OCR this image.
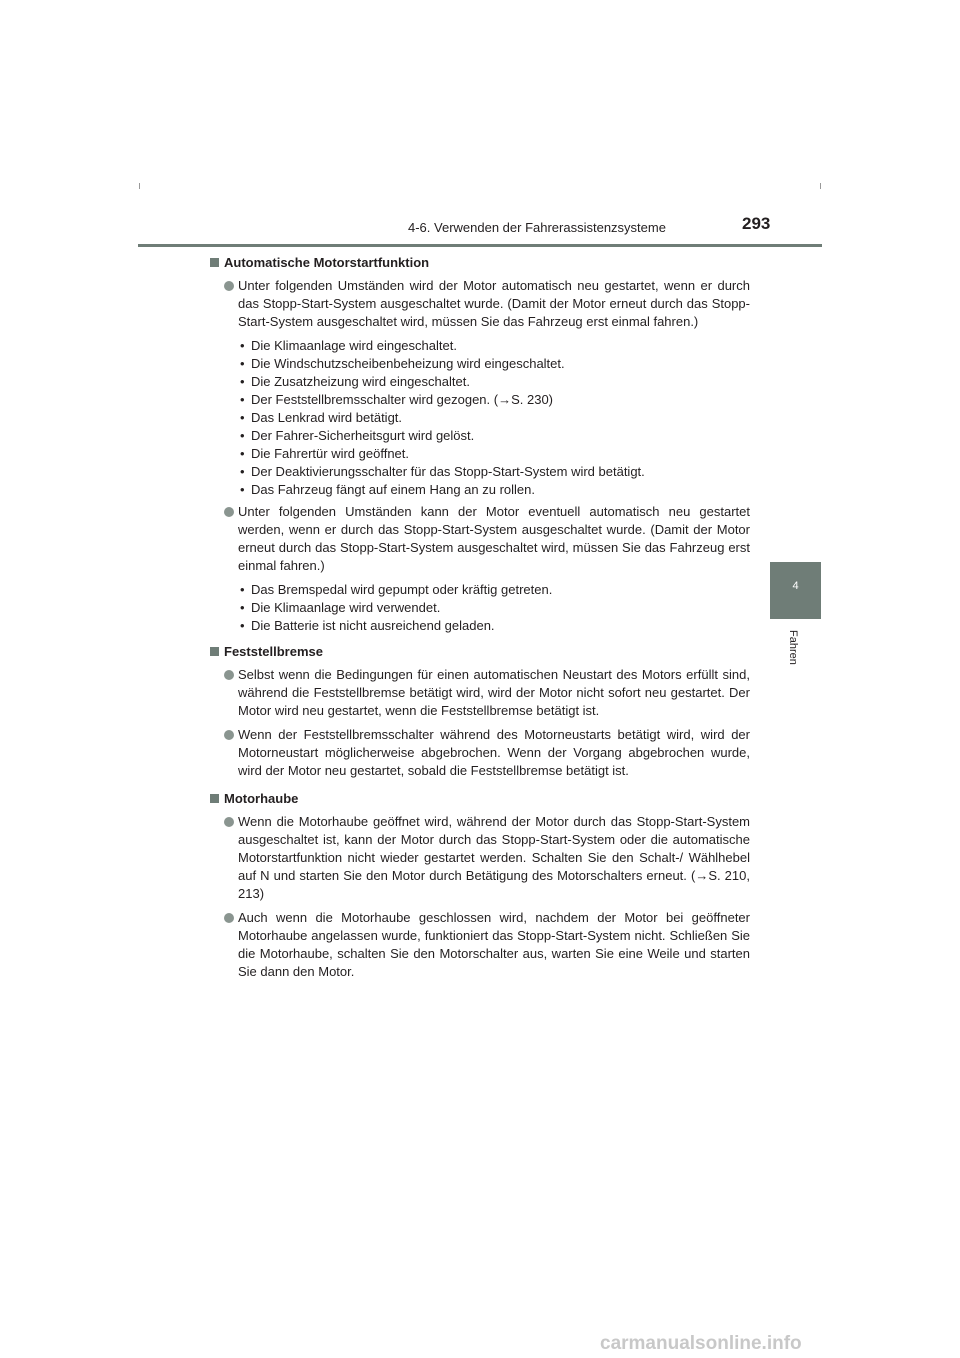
4-6. Verwenden der Fahrerassistenzsysteme	293
4
Fahren
Automatische Motorstartfunktion
Unter folgenden Umständen wird der Motor automatisch neu gestartet, wenn er durch das Stopp-Start-System ausgeschaltet wurde. (Damit der Motor erneut durch das Stopp-Start-System ausgeschaltet wird, müssen Sie das Fahrzeug erst einmal fahren.)
• Die Klimaanlage wird eingeschaltet.
• Die Windschutzscheibenbeheizung wird eingeschaltet.
• Die Zusatzheizung wird eingeschaltet.
• Der Feststellbremsschalter wird gezogen. (→S. 230)
• Das Lenkrad wird betätigt.
• Der Fahrer-Sicherheitsgurt wird gelöst.
• Die Fahrertür wird geöffnet.
• Der Deaktivierungsschalter für das Stopp-Start-System wird betätigt.
• Das Fahrzeug fängt auf einem Hang an zu rollen.
Unter folgenden Umständen kann der Motor eventuell automatisch neu gestartet werden, wenn er durch das Stopp-Start-System ausgeschaltet wurde. (Damit der Motor erneut durch das Stopp-Start-System ausgeschaltet wird, müssen Sie das Fahrzeug erst einmal fahren.)
• Das Bremspedal wird gepumpt oder kräftig getreten.
• Die Klimaanlage wird verwendet.
• Die Batterie ist nicht ausreichend geladen.
Feststellbremse
Selbst wenn die Bedingungen für einen automatischen Neustart des Motors erfüllt sind, während die Feststellbremse betätigt wird, wird der Motor nicht sofort neu gestartet. Der Motor wird neu gestartet, wenn die Feststellbremse betätigt ist.
Wenn der Feststellbremsschalter während des Motorneustarts betätigt wird, wird der Motorneustart möglicherweise abgebrochen. Wenn der Vorgang abgebrochen wurde, wird der Motor neu gestartet, sobald die Feststellbremse betätigt ist.
Motorhaube
Wenn die Motorhaube geöffnet wird, während der Motor durch das Stopp-Start-System ausgeschaltet ist, kann der Motor durch das Stopp-Start-System oder die automatische Motorstartfunktion nicht wieder gestartet werden. Schalten Sie den Schalt-/ Wählhebel auf N und starten Sie den Motor durch Betätigung des Motorschalters erneut. (→S. 210, 213)
Auch wenn die Motorhaube geschlossen wird, nachdem der Motor bei geöffneter Motorhaube angelassen wurde, funktioniert das Stopp-Start-System nicht. Schließen Sie die Motorhaube, schalten Sie den Motorschalter aus, warten Sie eine Weile und starten Sie dann den Motor.
carmanualsonline.info
